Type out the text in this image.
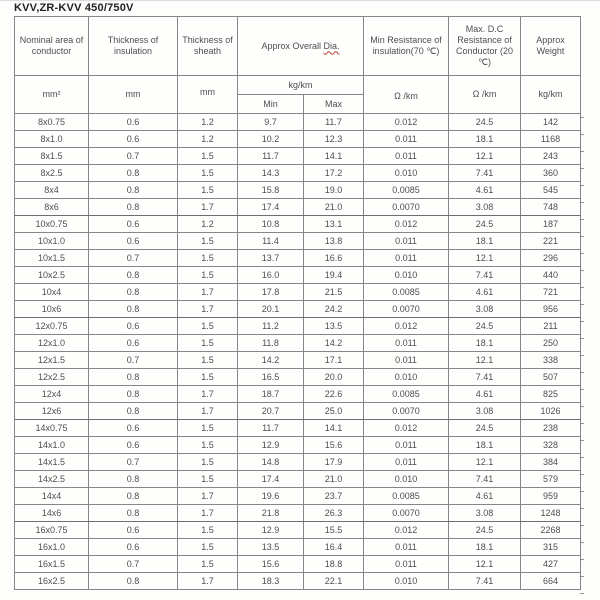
KVV,ZR-KVV 450/750V
Nominal area of conductor	Thickness of insulation	Thickness of sheath	Approx Overall Dia.		Min Resistance of insulation(70 ℃)	Max. D.C Resistance of Conductor (20 ℃)	Approx Weight
mm²	mm	mm	kg/km		Ω /km	Ω /km	kg/km
			Min	Max			
8x0.75	0.6	1.2	9.7	11.7	0.012	24.5	142
8x1.0	0.6	1.2	10.2	12.3	0.011	18.1	1168
8x1.5	0.7	1.5	11.7	14.1	0.011	12.1	243
8x2.5	0.8	1.5	14.3	17.2	0.010	7.41	360
8x4	0.8	1.5	15.8	19.0	0.0085	4.61	545
8x6	0.8	1.7	17.4	21.0	0.0070	3.08	748
10x0.75	0.6	1.2	10.8	13.1	0.012	24.5	187
10x1.0	0.6	1.5	11.4	13.8	0.011	18.1	221
10x1.5	0.7	1.5	13.7	16.6	0.011	12.1	296
10x2.5	0.8	1.5	16.0	19.4	0.010	7.41	440
10x4	0.8	1.7	17.8	21.5	0.0085	4.61	721
10x6	0.8	1.7	20.1	24.2	0.0070	3.08	956
12x0.75	0.6	1.5	11.2	13.5	0.012	24.5	211
12x1.0	0.6	1.5	11.8	14.2	0.011	18.1	250
12x1.5	0.7	1.5	14.2	17.1	0.011	12.1	338
12x2.5	0.8	1.5	16.5	20.0	0.010	7.41	507
12x4	0.8	1.7	18.7	22.6	0.0085	4.61	825
12x6	0.8	1.7	20.7	25.0	0.0070	3.08	1026
14x0.75	0.6	1.5	11.7	14.1	0.012	24.5	238
14x1.0	0.6	1.5	12.9	15.6	0.011	18.1	328
14x1.5	0.7	1.5	14.8	17.9	0.011	12.1	384
14x2.5	0.8	1.5	17.4	21.0	0.010	7.41	579
14x4	0.8	1.7	19.6	23.7	0.0085	4.61	959
14x6	0.8	1.7	21.8	26.3	0.0070	3.08	1248
16x0.75	0.6	1.5	12.9	15.5	0.012	24.5	2268
16x1.0	0.6	1.5	13.5	16.4	0.011	18.1	315
16x1.5	0.7	1.5	15.6	18.8	0.011	12.1	427
16x2.5	0.8	1.7	18.3	22.1	0.010	7.41	664
